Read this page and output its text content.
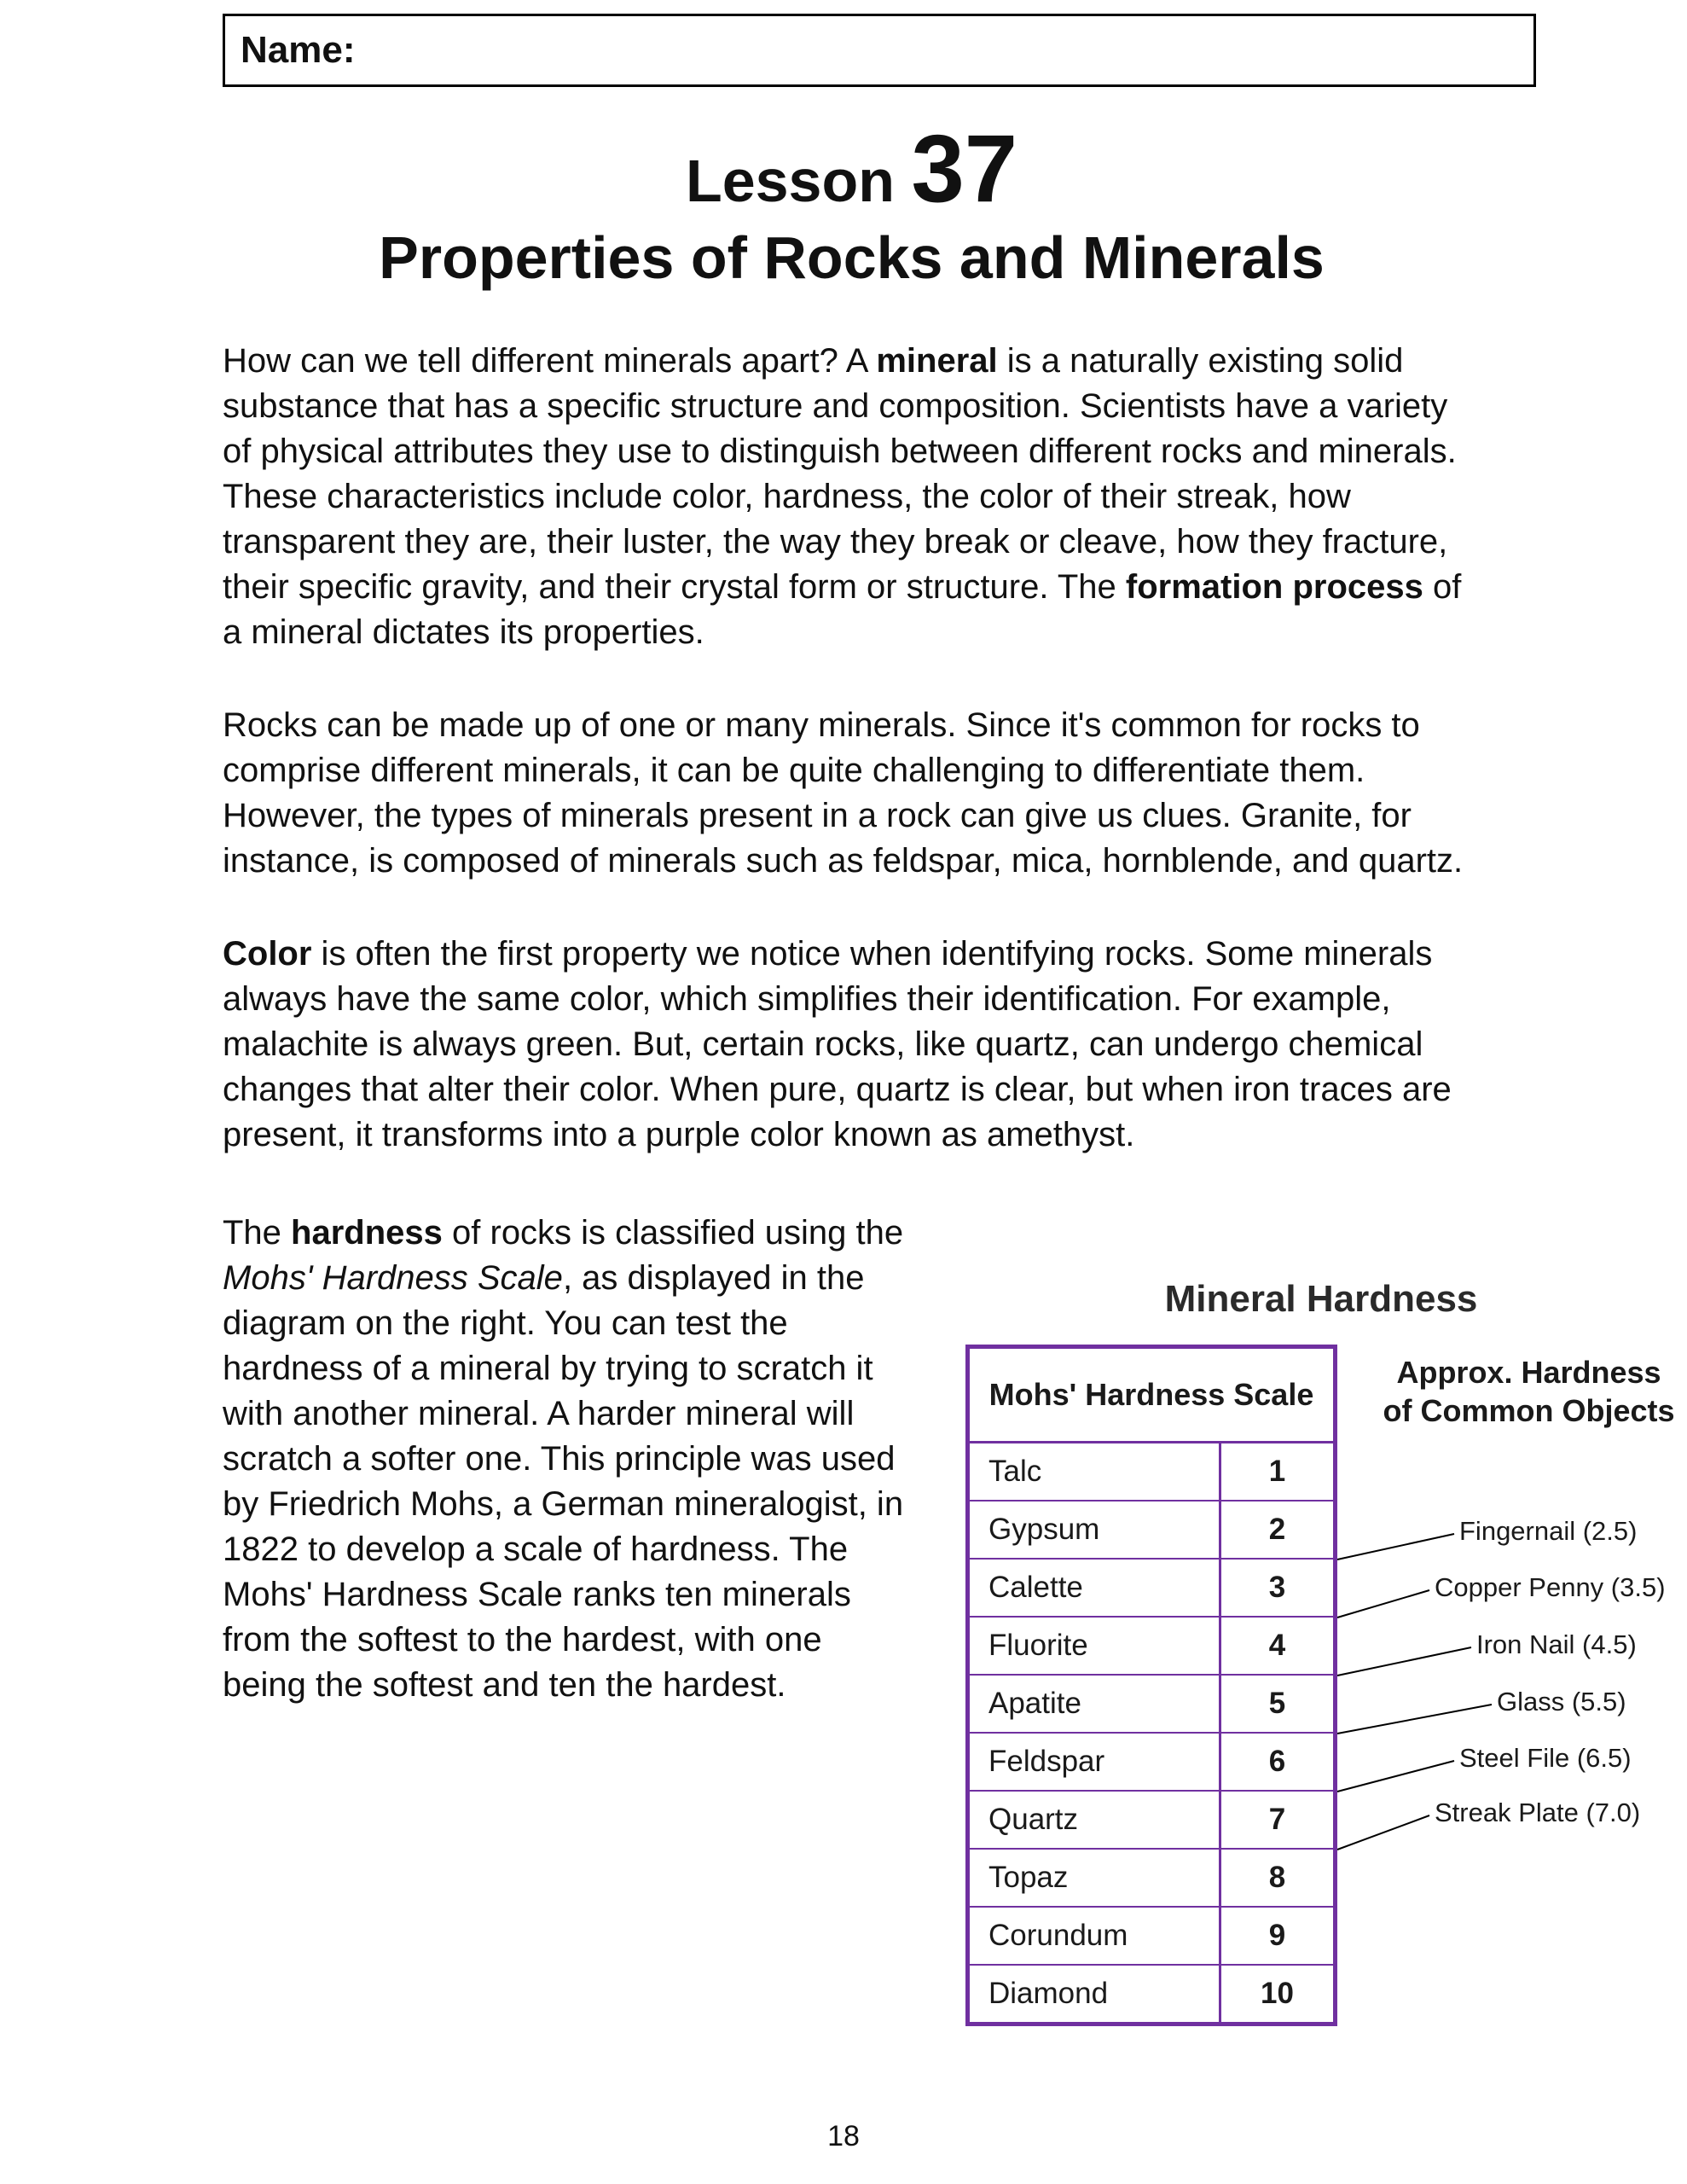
Name:
Lesson 37
Properties of Rocks and Minerals
How can we tell different minerals apart? A mineral is a naturally existing solid substance that has a specific structure and composition. Scientists have a variety of physical attributes they use to distinguish between different rocks and minerals. These characteristics include color, hardness, the color of their streak, how transparent they are, their luster, the way they break or cleave, how they fracture, their specific gravity, and their crystal form or structure. The formation process of a mineral dictates its properties.
Rocks can be made up of one or many minerals. Since it's common for rocks to comprise different minerals, it can be quite challenging to differentiate them. However, the types of minerals present in a rock can give us clues. Granite, for instance, is composed of minerals such as feldspar, mica, hornblende, and quartz.
Color is often the first property we notice when identifying rocks. Some minerals always have the same color, which simplifies their identification. For example, malachite is always green. But, certain rocks, like quartz, can undergo chemical changes that alter their color. When pure, quartz is clear, but when iron traces are present, it transforms into a purple color known as amethyst.
The hardness of rocks is classified using the Mohs' Hardness Scale, as displayed in the diagram on the right. You can test the hardness of a mineral by trying to scratch it with another mineral. A harder mineral will scratch a softer one. This principle was used by Friedrich Mohs, a German mineralogist, in 1822 to develop a scale of hardness. The Mohs' Hardness Scale ranks ten minerals from the softest to the hardest, with one being the softest and ten the hardest.
Mineral Hardness
Mohs' Hardness Scale
Talc	1
Gypsum	2
Calette	3
Fluorite	4
Apatite	5
Feldspar	6
Quartz	7
Topaz	8
Corundum	9
Diamond	10
Approx. Hardness
of Common Objects
Fingernail (2.5)
Copper Penny (3.5)
Iron Nail (4.5)
Glass (5.5)
Steel File (6.5)
Streak Plate (7.0)
18
